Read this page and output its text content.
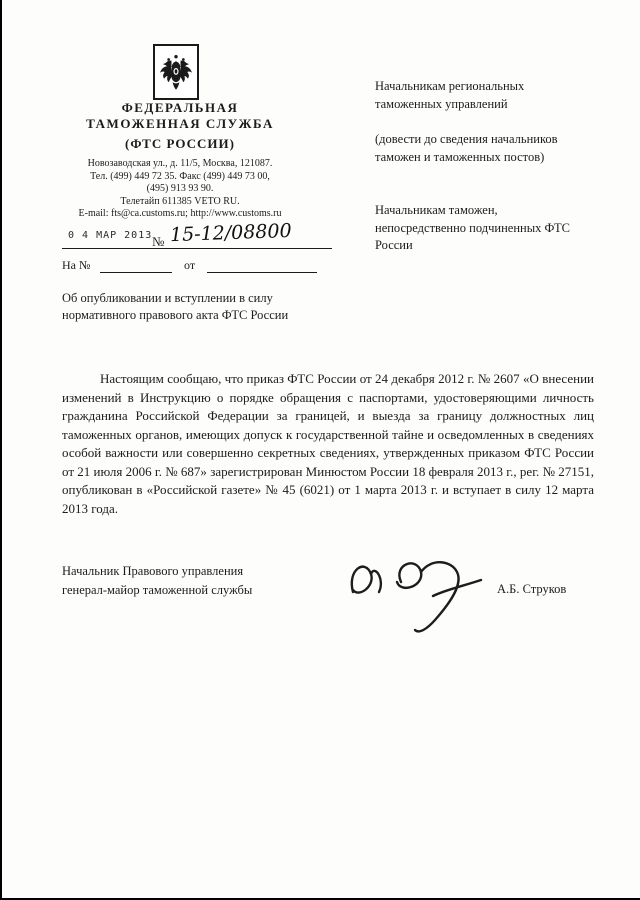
ФЕДЕРАЛЬНАЯ
ТАМОЖЕННАЯ СЛУЖБА
(ФТС РОССИИ)
Новозаводская ул., д. 11/5, Москва, 121087.
Тел. (499) 449 72 35. Факс (499) 449 73 00,
(495) 913 93 90.
Телетайп 611385 VETO RU.
E-mail: fts@ca.customs.ru; http://www.customs.ru
0 4 МАР 2013 № 15-12/08800
На №	от
Об опубликовании и вступлении в силу нормативного правового акта ФТС России
Начальникам региональных таможенных управлений
(довести до сведения начальников таможен и таможенных постов)
Начальникам таможен, непосредственно подчиненных ФТС России
Настоящим сообщаю, что приказ ФТС России от 24 декабря 2012 г. № 2607 «О внесении изменений в Инструкцию о порядке обращения с паспортами, удостоверяющими личность гражданина Российской Федерации за границей, и выезда за границу должностных лиц таможенных органов, имеющих допуск к государственной тайне и осведомленных в сведениях особой важности или совершенно секретных сведениях, утвержденных приказом ФТС России от 21 июля 2006 г. № 687» зарегистрирован Минюстом России 18 февраля 2013 г., рег. № 27151, опубликован в «Российской газете» № 45 (6021) от 1 марта 2013 г. и вступает в силу 12 марта 2013 года.
Начальник Правового управления
генерал-майор таможенной службы	А.Б. Струков
